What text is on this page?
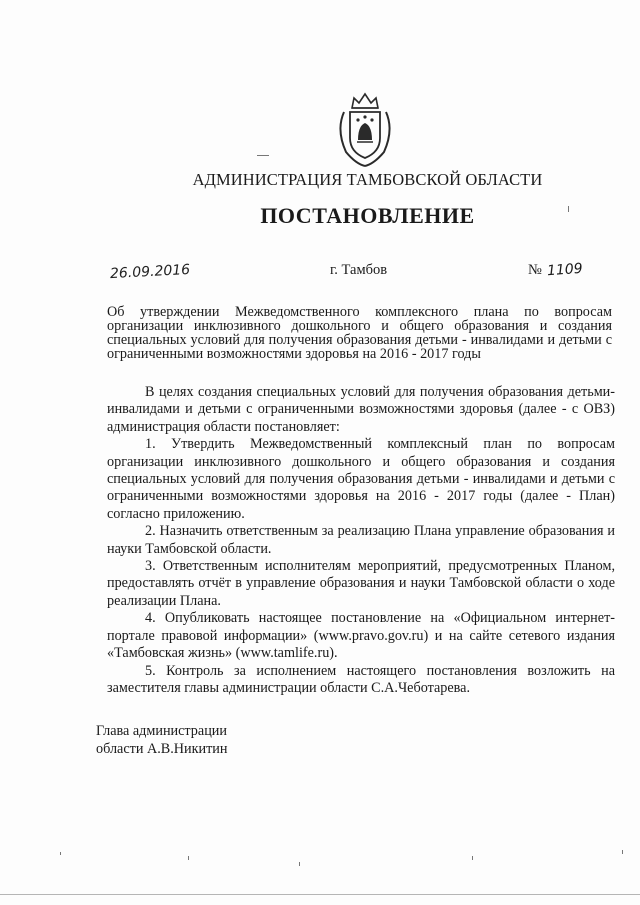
АДМИНИСТРАЦИЯ ТАМБОВСКОЙ ОБЛАСТИ
ПОСТАНОВЛЕНИЕ
26.09.2016	г. Тамбов	№ 1109
Об утверждении Межведомственного комплексного плана по вопросам организации инклюзивного дошкольного и общего образования и создания специальных условий для получения образования детьми - инвалидами и детьми с ограниченными возможностями здоровья на 2016 - 2017 годы

В целях создания специальных условий для получения образования детьми-инвалидами и детьми с ограниченными возможностями здоровья (далее - с ОВЗ) администрация области постановляет:

1. Утвердить Межведомственный комплексный план по вопросам организации инклюзивного дошкольного и общего образования и создания специальных условий для получения образования детьми - инвалидами и детьми с ограниченными возможностями здоровья на 2016 - 2017 годы (далее - План) согласно приложению.

2. Назначить ответственным за реализацию Плана управление образования и науки Тамбовской области.

3. Ответственным исполнителям мероприятий, предусмотренных Планом, предоставлять отчёт в управление образования и науки Тамбовской области о ходе реализации Плана.

4. Опубликовать настоящее постановление на «Официальном интернет-портале правовой информации» (www.pravo.gov.ru) и на сайте сетевого издания «Тамбовская жизнь» (www.tamlife.ru).

5. Контроль за исполнением настоящего постановления возложить на заместителя главы администрации области С.А.Чеботарева.

Глава администрации
области А.В.Никитин
